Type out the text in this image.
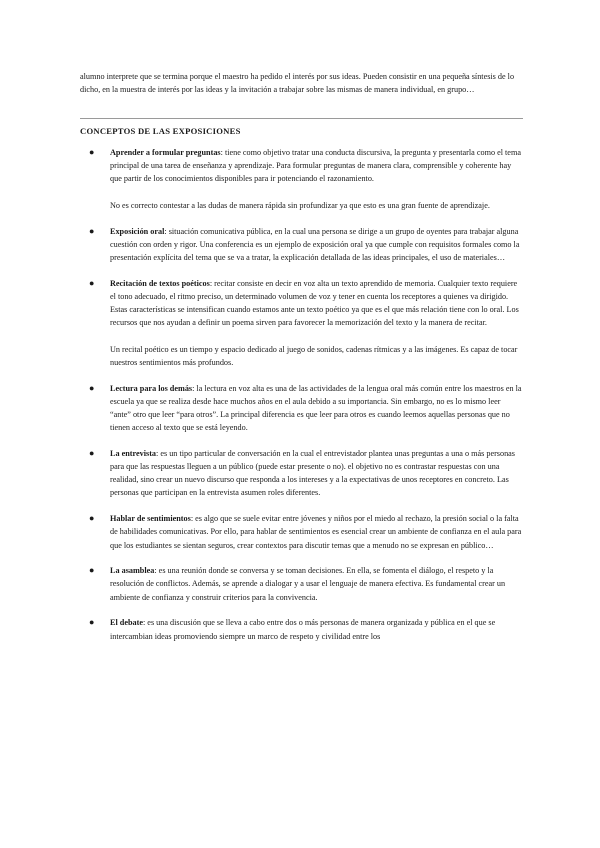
alumno interprete que se termina porque el maestro ha pedido el interés por sus ideas. Pueden consistir en una pequeña síntesis de lo dicho, en la muestra de interés por las ideas y la invitación a trabajar sobre las mismas de manera individual, en grupo…

CONCEPTOS DE LAS EXPOSICIONES
● Aprender a formular preguntas: tiene como objetivo tratar una conducta discursiva, la pregunta y presentarla como el tema principal de una tarea de enseñanza y aprendizaje. Para formular preguntas de manera clara, comprensible y coherente hay que partir de los conocimientos disponibles para ir potenciando el razonamiento.

No es correcto contestar a las dudas de manera rápida sin profundizar ya que esto es una gran fuente de aprendizaje.

● Exposición oral: situación comunicativa pública, en la cual una persona se dirige a un grupo de oyentes para trabajar alguna cuestión con orden y rigor. Una conferencia es un ejemplo de exposición oral ya que cumple con requisitos formales como la presentación explícita del tema que se va a tratar, la explicación detallada de las ideas principales, el uso de materiales…

● Recitación de textos poéticos: recitar consiste en decir en voz alta un texto aprendido de memoria. Cualquier texto requiere el tono adecuado, el ritmo preciso, un determinado volumen de voz y tener en cuenta los receptores a quienes va dirigido. Estas características se intensifican cuando estamos ante un texto poético ya que es el que más relación tiene con lo oral. Los recursos que nos ayudan a definir un poema sirven para favorecer la memorización del texto y la manera de recitar.

Un recital poético es un tiempo y espacio dedicado al juego de sonidos, cadenas rítmicas y a las imágenes. Es capaz de tocar nuestros sentimientos más profundos.

● Lectura para los demás: la lectura en voz alta es una de las actividades de la lengua oral más común entre los maestros en la escuela ya que se realiza desde hace muchos años en el aula debido a su importancia. Sin embargo, no es lo mismo leer “ante” otro que leer “para otros”. La principal diferencia es que leer para otros es cuando leemos aquellas personas que no tienen acceso al texto que se está leyendo.

● La entrevista: es un tipo particular de conversación en la cual el entrevistador plantea unas preguntas a una o más personas para que las respuestas lleguen a un público (puede estar presente o no). el objetivo no es contrastar respuestas con una realidad, sino crear un nuevo discurso que responda a los intereses y a la expectativas de unos receptores en concreto. Las personas que participan en la entrevista asumen roles diferentes.

● Hablar de sentimientos: es algo que se suele evitar entre jóvenes y niños por el miedo al rechazo, la presión social o la falta de habilidades comunicativas. Por ello, para hablar de sentimientos es esencial crear un ambiente de confianza en el aula para que los estudiantes se sientan seguros, crear contextos para discutir temas que a menudo no se expresan en público…

● La asamblea: es una reunión donde se conversa y se toman decisiones. En ella, se fomenta el diálogo, el respeto y la resolución de conflictos. Además, se aprende a dialogar y a usar el lenguaje de manera efectiva. Es fundamental crear un ambiente de confianza y construir criterios para la convivencia.

● El debate: es una discusión que se lleva a cabo entre dos o más personas de manera organizada y pública en el que se intercambian ideas promoviendo siempre un marco de respeto y civilidad entre los
